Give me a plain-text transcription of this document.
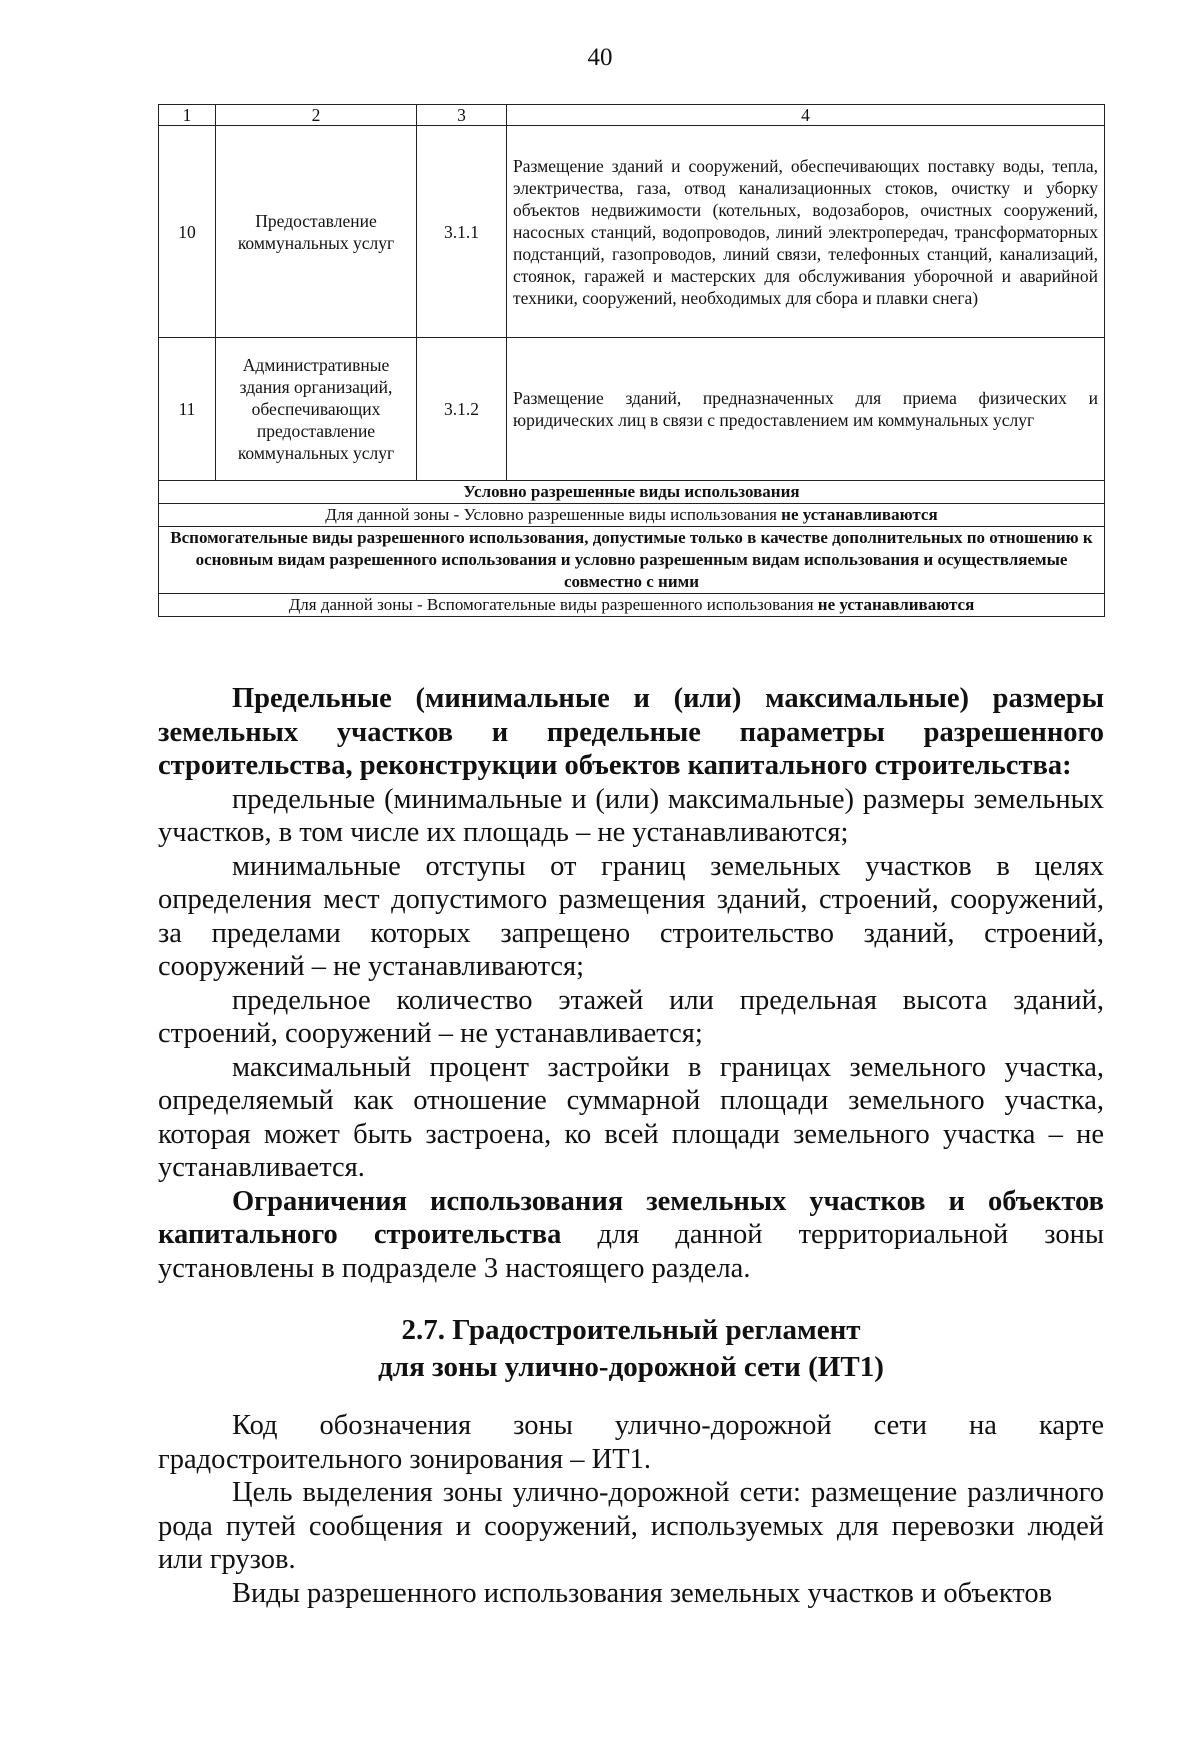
40
1	2	3	4
10	Предоставление коммунальных услуг	3.1.1	Размещение зданий и сооружений, обеспечивающих поставку воды, тепла, электричества, газа, отвод канализационных стоков, очистку и уборку объектов недвижимости (котельных, водозаборов, очистных сооружений, насосных станций, водопроводов, линий электропередач, трансформаторных подстанций, газопроводов, линий связи, телефонных станций, канализаций, стоянок, гаражей и мастерских для обслуживания уборочной и аварийной техники, сооружений, необходимых для сбора и плавки снега)
11	Административные здания организаций, обеспечивающих предоставление коммунальных услуг	3.1.2	Размещение зданий, предназначенных для приема физических и юридических лиц в связи с предоставлением им коммунальных услуг
Условно разрешенные виды использования			
Для данной зоны - Условно разрешенные виды использования не устанавливаются			
Вспомогательные виды разрешенного использования, допустимые только в качестве дополнительных по отношению к основным видам разрешенного использования и условно разрешенным видам использования и осуществляемые совместно с ними			
Для данной зоны - Вспомогательные виды разрешенного использования не устанавливаются			

Предельные (минимальные и (или) максимальные) размеры земельных участков и предельные параметры разрешенного строительства, реконструкции объектов капитального строительства:

предельные (минимальные и (или) максимальные) размеры земельных участков, в том числе их площадь – не устанавливаются;

минимальные отступы от границ земельных участков в целях определения мест допустимого размещения зданий, строений, сооружений, за пределами которых запрещено строительство зданий, строений, сооружений – не устанавливаются;

предельное количество этажей или предельная высота зданий, строений, сооружений – не устанавливается;

максимальный процент застройки в границах земельного участка, определяемый как отношение суммарной площади земельного участка, которая может быть застроена, ко всей площади земельного участка – не устанавливается.

Ограничения использования земельных участков и объектов капитального строительства для данной территориальной зоны установлены в подразделе 3 настоящего раздела.

2.7. Градостроительный регламент
для зоны улично-дорожной сети (ИТ1)

Код обозначения зоны улично-дорожной сети на карте градостроительного зонирования – ИТ1.

Цель выделения зоны улично-дорожной сети: размещение различного рода путей сообщения и сооружений, используемых для перевозки людей или грузов.

Виды разрешенного использования земельных участков и объектов
